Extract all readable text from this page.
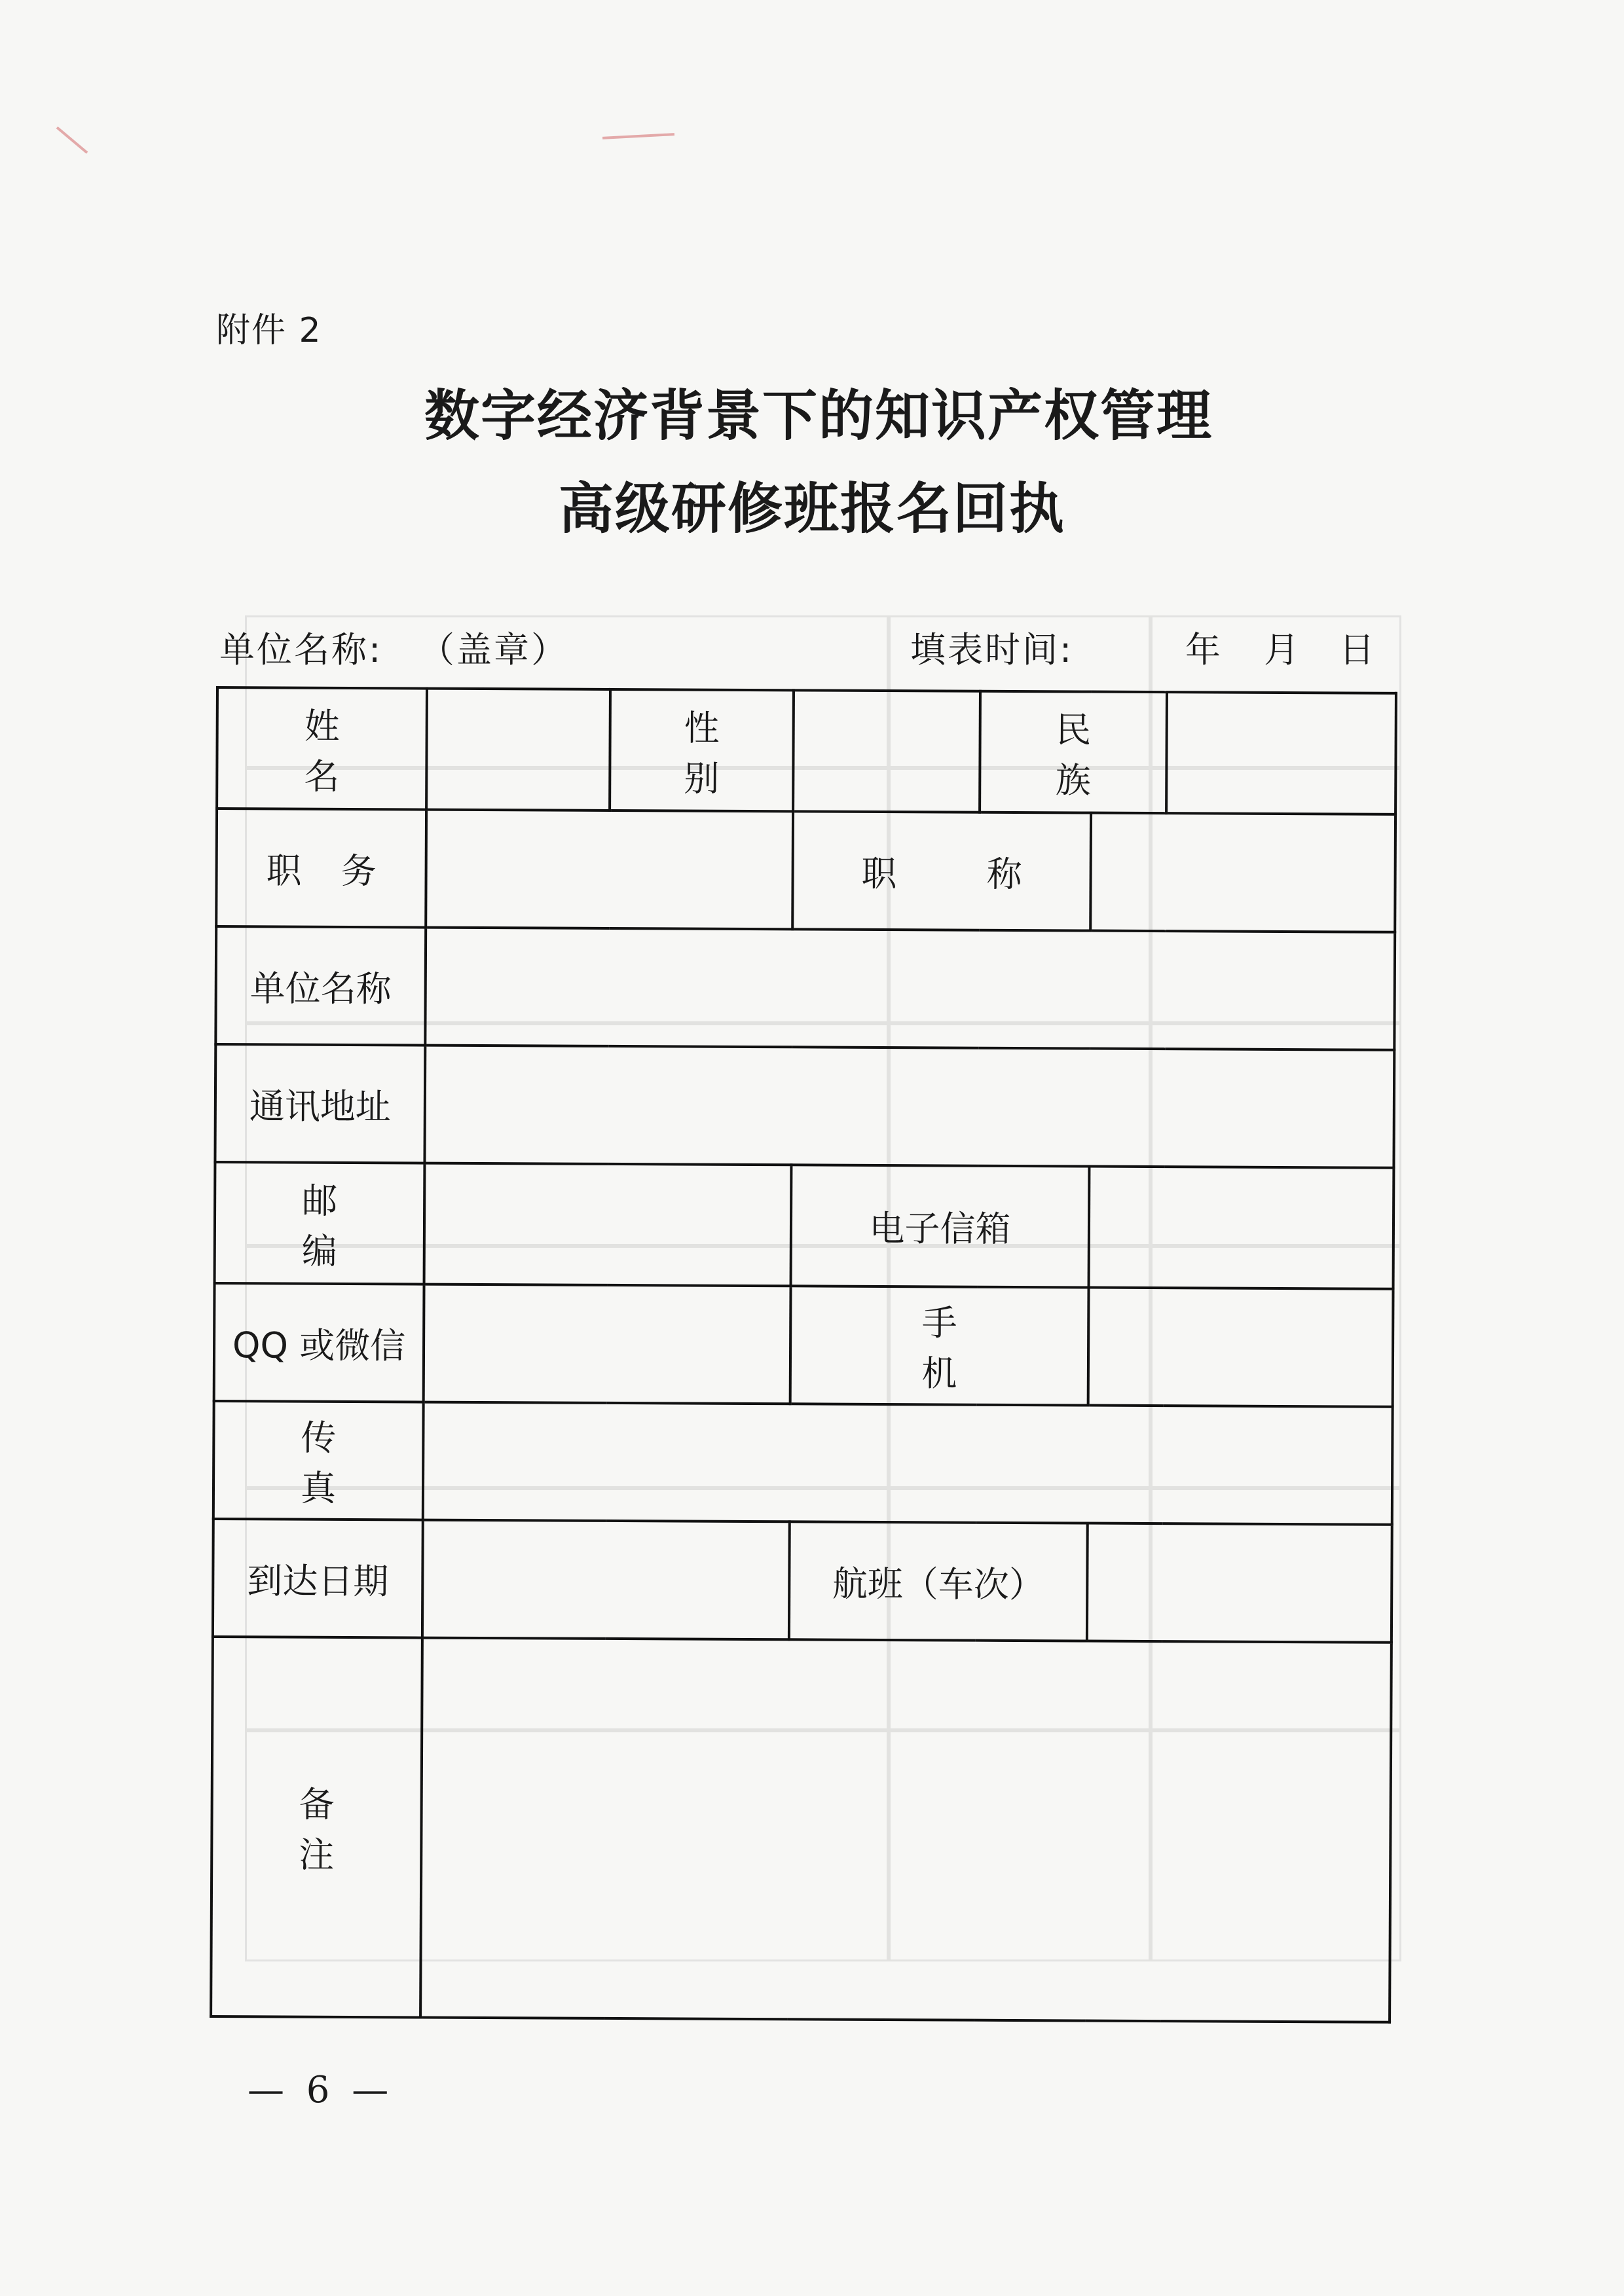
附件 2
数字经济背景下的知识产权管理
高级研修班报名回执
单位名称: （盖章）	填表时间:	年 月 日
姓 名		性 别		民 族		
职务			职 称			
单位名称						
通讯地址						
邮 编			电子信箱			
QQ 或微信			手 机			
传 真						
到达日期			航班（车次）			
备 注						
— 6 —
